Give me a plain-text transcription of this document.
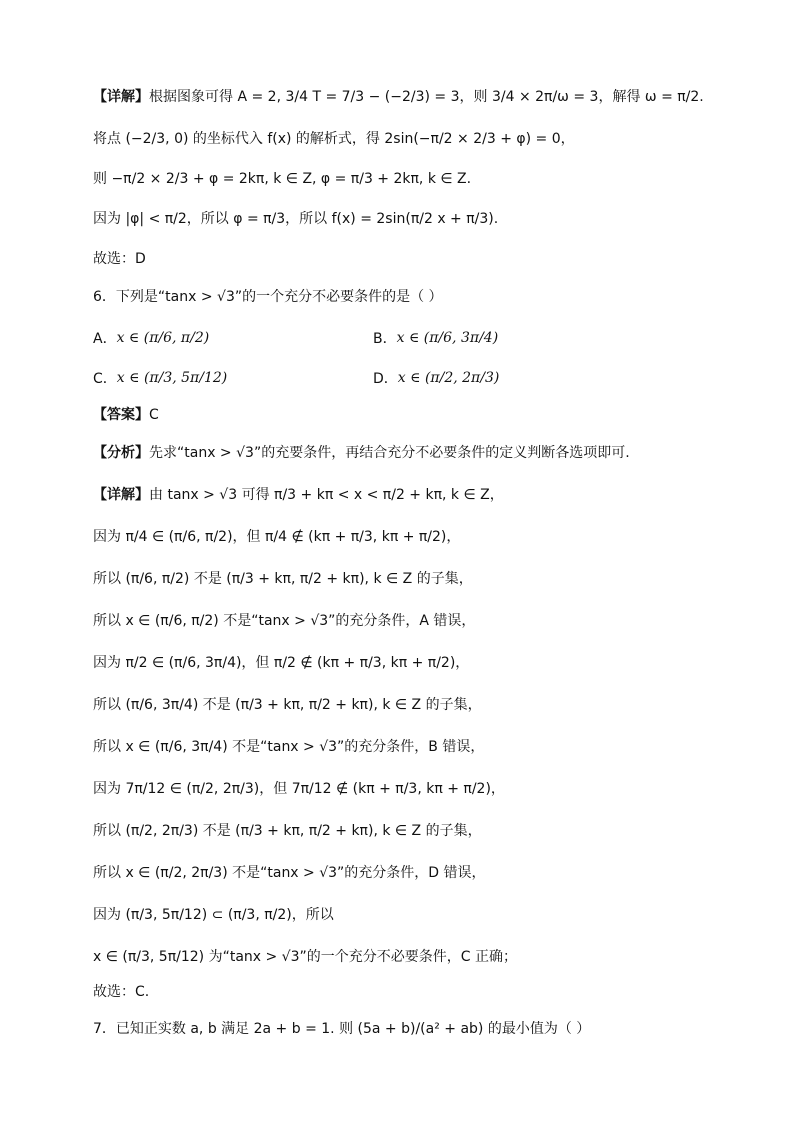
【详解】 根据图象可得 A = 2, 3/4 T = 7/3 − (−2/3) = 3，则 3/4 × 2π/ω = 3，解得 ω = π/2.
将点 (−2/3, 0) 的坐标代入 f(x) 的解析式，得 2sin(−π/2 × 2/3 + φ) = 0，
则 −π/2 × 2/3 + φ = 2kπ, k ∈ Z, φ = π/3 + 2kπ, k ∈ Z.
因为 |φ| < π/2，所以 φ = π/3，所以 f(x) = 2sin(π/2 x + π/3).
故选：D
6．下列是“tanx > √3”的一个充分不必要条件的是（ ）
A． x ∈ (π/6, π/2)	B． x ∈ (π/6, 3π/4)
C． x ∈ (π/3, 5π/12)	D． x ∈ (π/2, 2π/3)
【答案】 C
【分析】 先求“tanx > √3”的充要条件，再结合充分不必要条件的定义判断各选项即可.
【详解】 由 tanx > √3 可得 π/3 + kπ < x < π/2 + kπ, k ∈ Z，
因为 π/4 ∈ (π/6, π/2)，但 π/4 ∉ (kπ + π/3, kπ + π/2)，
所以 (π/6, π/2) 不是 (π/3 + kπ, π/2 + kπ), k ∈ Z 的子集，
所以 x ∈ (π/6, π/2) 不是“tanx > √3”的充分条件，A 错误，
因为 π/2 ∈ (π/6, 3π/4)，但 π/2 ∉ (kπ + π/3, kπ + π/2)，
所以 (π/6, 3π/4) 不是 (π/3 + kπ, π/2 + kπ), k ∈ Z 的子集，
所以 x ∈ (π/6, 3π/4) 不是“tanx > √3”的充分条件，B 错误，
因为 7π/12 ∈ (π/2, 2π/3)，但 7π/12 ∉ (kπ + π/3, kπ + π/2)，
所以 (π/2, 2π/3) 不是 (π/3 + kπ, π/2 + kπ), k ∈ Z 的子集，
所以 x ∈ (π/2, 2π/3) 不是“tanx > √3”的充分条件，D 错误，
因为 (π/3, 5π/12) ⊂ (π/3, π/2)，所以
x ∈ (π/3, 5π/12) 为“tanx > √3”的一个充分不必要条件，C 正确；
故选：C.
7．已知正实数 a, b 满足 2a + b = 1. 则 (5a + b)/(a² + ab) 的最小值为（ ）
